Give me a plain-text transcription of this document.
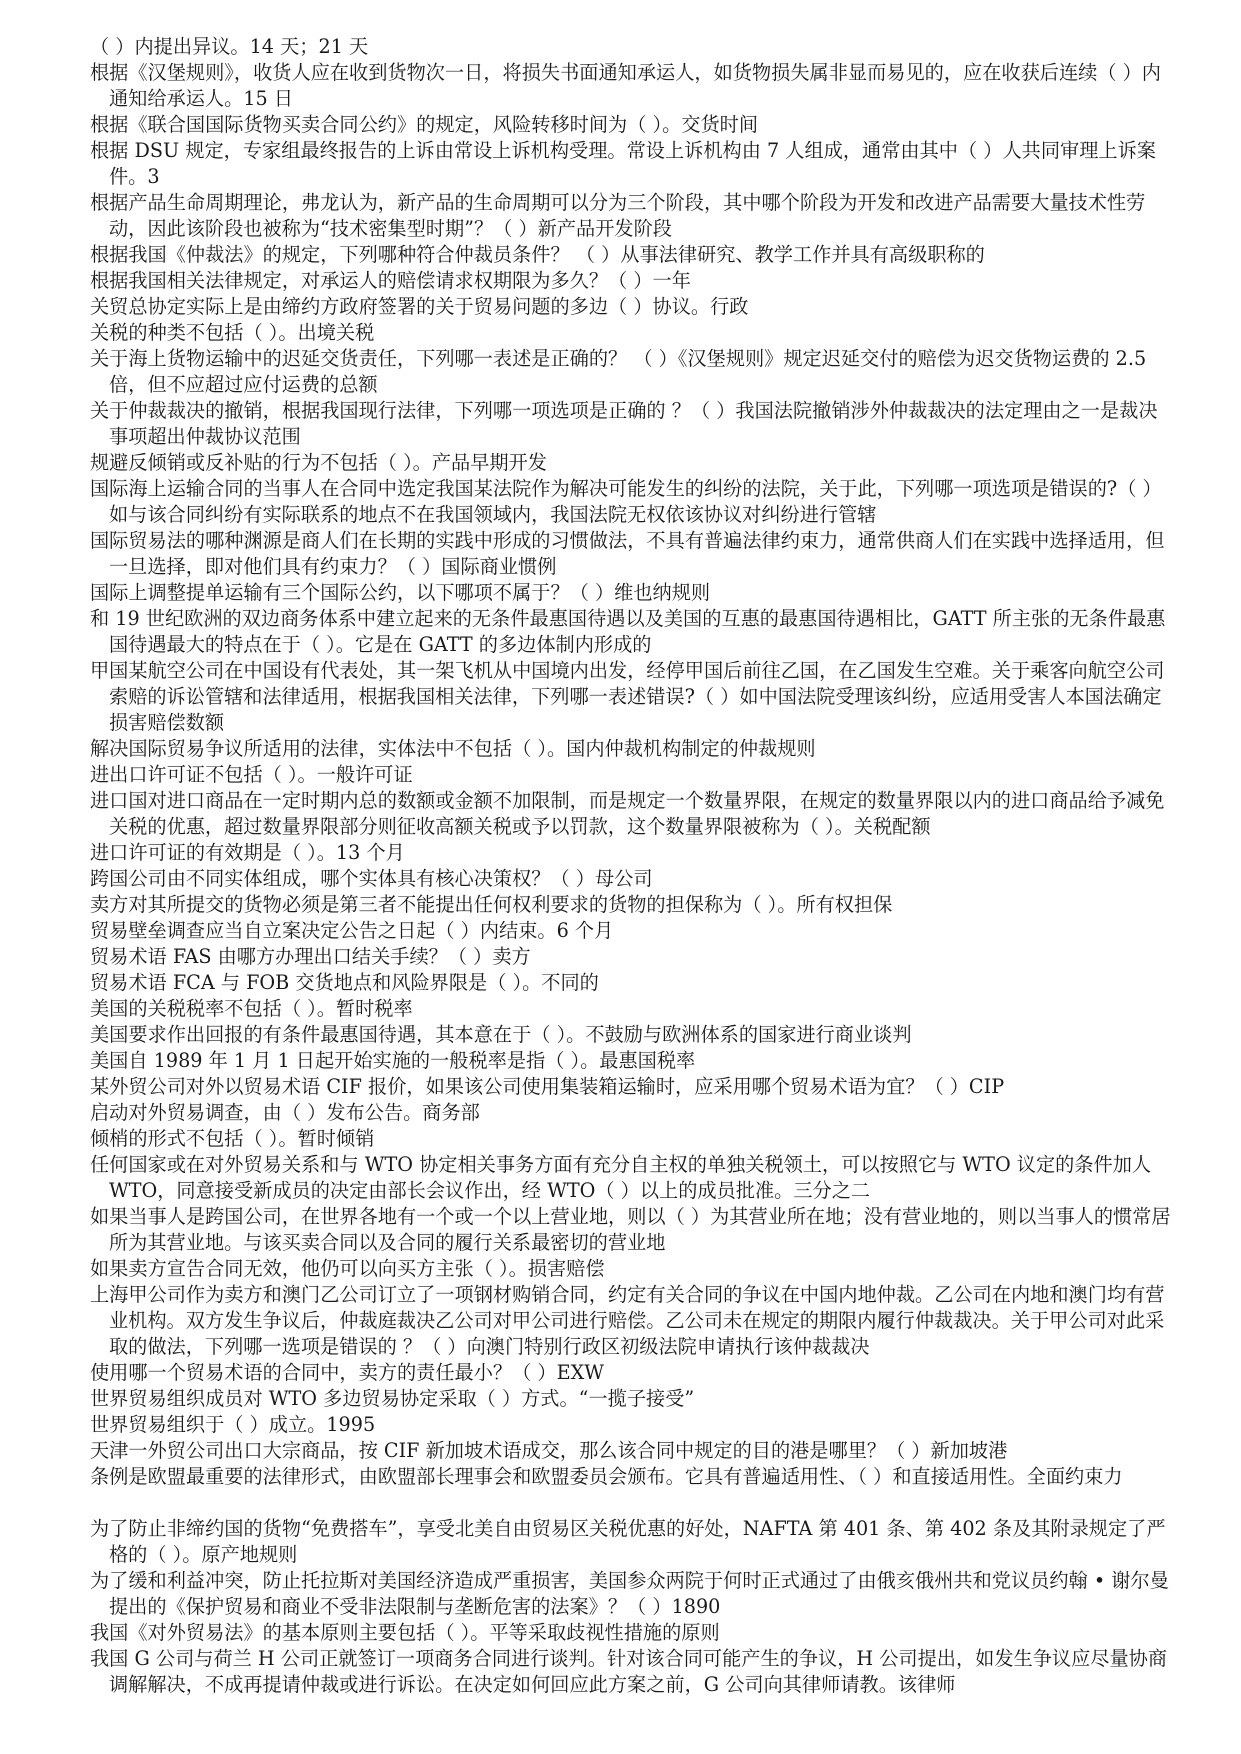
（ ）内提出异议。14 天；21 天
根据《汉堡规则》，收货人应在收到货物次一日，将损失书面通知承运人，如货物损失属非显而易见的，应在收获后连续（ ）内通知给承运人。15 日
根据《联合国国际货物买卖合同公约》的规定，风险转移时间为（ ）。交货时间
根据 DSU 规定，专家组最终报告的上诉由常设上诉机构受理。常设上诉机构由 7 人组成，通常由其中（ ）人共同审理上诉案件。3
根据产品生命周期理论，弗龙认为，新产品的生命周期可以分为三个阶段，其中哪个阶段为开发和改进产品需要大量技术性劳动，因此该阶段也被称为“技术密集型时期”？（ ）新产品开发阶段
根据我国《仲裁法》的规定，下列哪种符合仲裁员条件？ （ ）从事法律研究、教学工作并具有高级职称的
根据我国相关法律规定，对承运人的赔偿请求权期限为多久？（ ）一年
关贸总协定实际上是由缔约方政府签署的关于贸易问题的多边（ ）协议。行政
关税的种类不包括（ ）。出境关税
关于海上货物运输中的迟延交货责任，下列哪一表述是正确的？ （ ）《汉堡规则》规定迟延交付的赔偿为迟交货物运费的 2.5 倍，但不应超过应付运费的总额
关于仲裁裁决的撤销，根据我国现行法律，下列哪一项选项是正确的 ？（ ）我国法院撤销涉外仲裁裁决的法定理由之一是裁决事项超出仲裁协议范围
规避反倾销或反补贴的行为不包括（ ）。产品早期开发
国际海上运输合同的当事人在合同中选定我国某法院作为解决可能发生的纠纷的法院，关于此，下列哪一项选项是错误的?（ ）如与该合同纠纷有实际联系的地点不在我国领域内，我国法院无权依该协议对纠纷进行管辖
国际贸易法的哪种渊源是商人们在长期的实践中形成的习惯做法，不具有普遍法律约束力，通常供商人们在实践中选择适用，但一旦选择，即对他们具有约束力？（ ）国际商业惯例
国际上调整提单运输有三个国际公约，以下哪项不属于？（ ）维也纳规则
和 19 世纪欧洲的双边商务体系中建立起来的无条件最惠国待遇以及美国的互惠的最惠国待遇相比，GATT 所主张的无条件最惠国待遇最大的特点在于（ ）。它是在 GATT 的多边体制内形成的
甲国某航空公司在中国设有代表处，其一架飞机从中国境内出发，经停甲国后前往乙国，在乙国发生空难。关于乘客向航空公司索赔的诉讼管辖和法律适用，根据我国相关法律，下列哪一表述错误?（ ）如中国法院受理该纠纷，应适用受害人本国法确定损害赔偿数额
解决国际贸易争议所适用的法律，实体法中不包括（ ）。国内仲裁机构制定的仲裁规则
进出口许可证不包括（ ）。一般许可证
进口国对进口商品在一定时期内总的数额或金额不加限制，而是规定一个数量界限，在规定的数量界限以内的进口商品给予减免关税的优惠，超过数量界限部分则征收高额关税或予以罚款，这个数量界限被称为（ ）。关税配额
进口许可证的有效期是（ ）。13 个月
跨国公司由不同实体组成，哪个实体具有核心决策权？（ ）母公司
卖方对其所提交的货物必须是第三者不能提出任何权利要求的货物的担保称为（ ）。所有权担保
贸易壁垒调查应当自立案决定公告之日起（ ）内结束。6 个月
贸易术语 FAS 由哪方办理出口结关手续？（ ）卖方
贸易术语 FCA 与 FOB 交货地点和风险界限是（ ）。不同的
美国的关税税率不包括（ ）。暂时税率
美国要求作出回报的有条件最惠国待遇，其本意在于（ ）。不鼓励与欧洲体系的国家进行商业谈判
美国自 1989 年 1 月 1 日起开始实施的一般税率是指（ ）。最惠国税率
某外贸公司对外以贸易术语 CIF 报价，如果该公司使用集装箱运输时，应采用哪个贸易术语为宜？（ ）CIP
启动对外贸易调查，由（ ）发布公告。商务部
倾梢的形式不包括（ ）。暂时倾销
任何国家或在对外贸易关系和与 WTO 协定相关事务方面有充分自主权的单独关税领土，可以按照它与 WTO 议定的条件加人 WTO，同意接受新成员的决定由部长会议作出，经 WTO（ ）以上的成员批准。三分之二
如果当事人是跨国公司，在世界各地有一个或一个以上营业地，则以（ ）为其营业所在地；没有营业地的，则以当事人的惯常居所为其营业地。与该买卖合同以及合同的履行关系最密切的营业地
如果卖方宣告合同无效，他仍可以向买方主张（ ）。损害赔偿
上海甲公司作为卖方和澳门乙公司订立了一项钢材购销合同，约定有关合同的争议在中国内地仲裁。乙公司在内地和澳门均有营业机构。双方发生争议后，仲裁庭裁决乙公司对甲公司进行赔偿。乙公司未在规定的期限内履行仲裁裁决。关于甲公司对此采取的做法，下列哪一选项是错误的 ？（ ）向澳门特别行政区初级法院申请执行该仲裁裁决
使用哪一个贸易术语的合同中，卖方的责任最小？（ ）EXW
世界贸易组织成员对 WTO 多边贸易协定采取（ ）方式。“一揽子接受”
世界贸易组织于（ ）成立。1995
天津一外贸公司出口大宗商品，按 CIF 新加坡术语成交，那么该合同中规定的目的港是哪里？（ ）新加坡港
条例是欧盟最重要的法律形式，由欧盟部长理事会和欧盟委员会颁布。它具有普遍适用性、（ ）和直接适用性。全面约束力
为了防止非缔约国的货物“免费搭车”，享受北美自由贸易区关税优惠的好处，NAFTA 第 401 条、第 402 条及其附录规定了严格的（ ）。原产地规则
为了缓和利益冲突，防止托拉斯对美国经济造成严重损害，美国参众两院于何时正式通过了由俄亥俄州共和党议员约翰 • 谢尔曼提出的《保护贸易和商业不受非法限制与垄断危害的法案》？（ ）1890
我国《对外贸易法》的基本原则主要包括（ ）。平等采取歧视性措施的原则
我国 G 公司与荷兰 H 公司正就签订一项商务合同进行谈判。针对该合同可能产生的争议，H 公司提出，如发生争议应尽量协商调解解决，不成再提请仲裁或进行诉讼。在决定如何回应此方案之前，G 公司向其律师请教。该律师
